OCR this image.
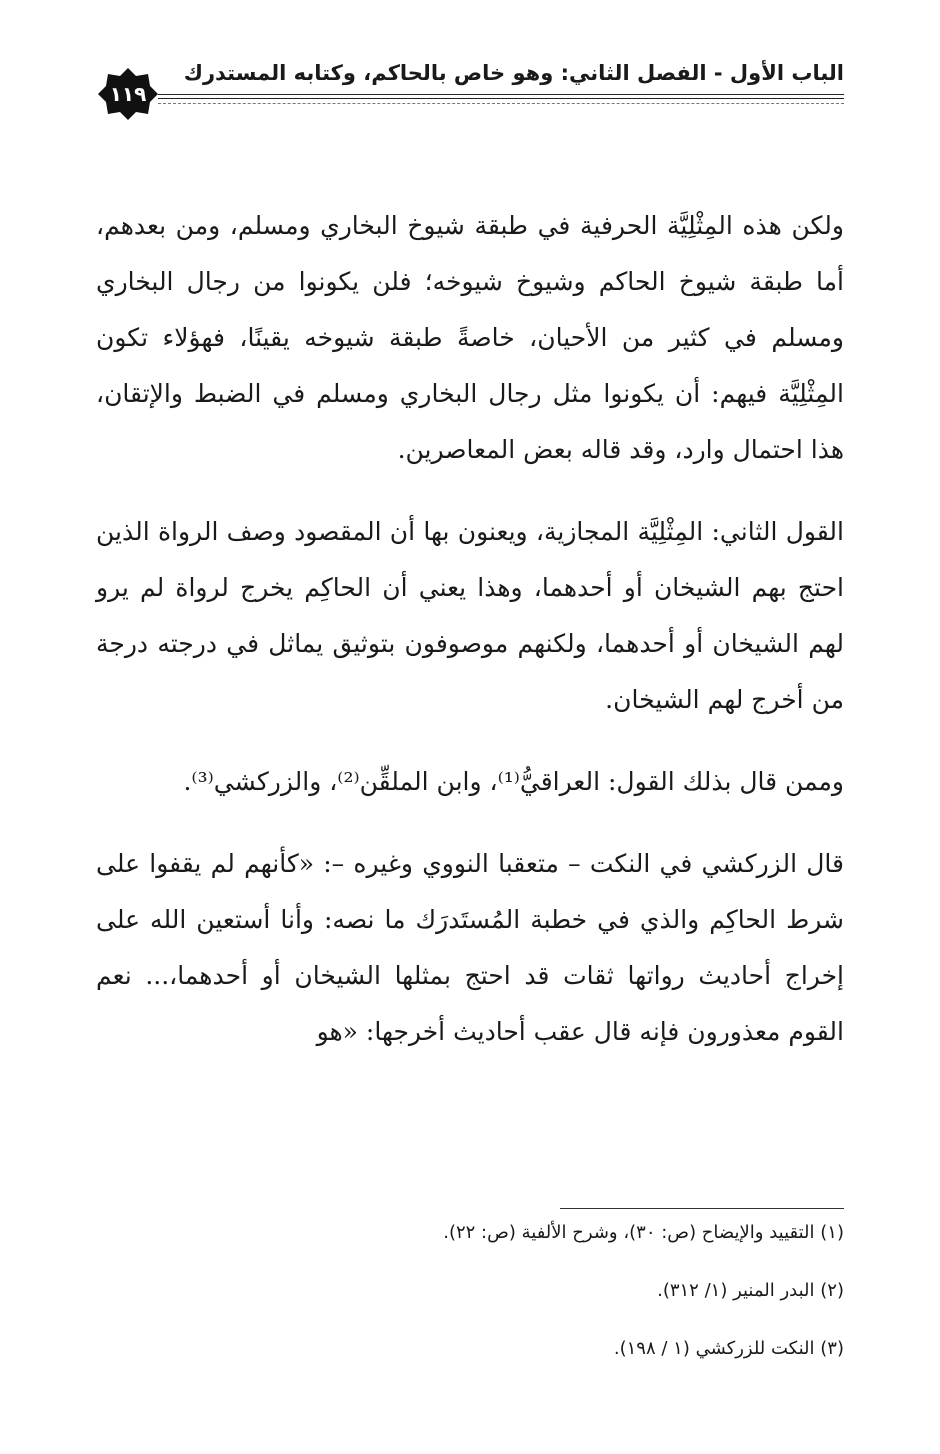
الباب الأول - الفصل الثاني: وهو خاص بالحاكم، وكتابه المستدرك
١١٩

ولكن هذه المِثْلِيَّة الحرفية في طبقة شيوخ البخاري ومسلم، ومن بعدهم، أما طبقة شيوخ الحاكم وشيوخ شيوخه؛ فلن يكونوا من رجال البخاري ومسلم في كثير من الأحيان، خاصةً طبقة شيوخه يقينًا، فهؤلاء تكون المِثْلِيَّة فيهم: أن يكونوا مثل رجال البخاري ومسلم في الضبط والإتقان، هذا احتمال وارد، وقد قاله بعض المعاصرين.

القول الثاني: المِثْلِيَّة المجازية، ويعنون بها أن المقصود وصف الرواة الذين احتج بهم الشيخان أو أحدهما، وهذا يعني أن الحاكِم يخرج لرواة لم يرو لهم الشيخان أو أحدهما، ولكنهم موصوفون بتوثيق يماثل في درجته درجة من أخرج لهم الشيخان.

وممن قال بذلك القول: العراقيُّ⁽¹⁾، وابن الملقِّن⁽²⁾، والزركشي⁽³⁾.

قال الزركشي في النكت – متعقبا النووي وغيره –: «كأنهم لم يقفوا على شرط الحاكِم والذي في خطبة المُستَدرَك ما نصه: وأنا أستعين الله على إخراج أحاديث رواتها ثقات قد احتج بمثلها الشيخان أو أحدهما،... نعم القوم معذورون فإنه قال عقب أحاديث أخرجها: «هو

(١) التقييد والإيضاح (ص: ٣٠)، وشرح الألفية (ص: ٢٢).

(٢) البدر المنير (١/ ٣١٢).

(٣) النكت للزركشي (١ / ١٩٨).
